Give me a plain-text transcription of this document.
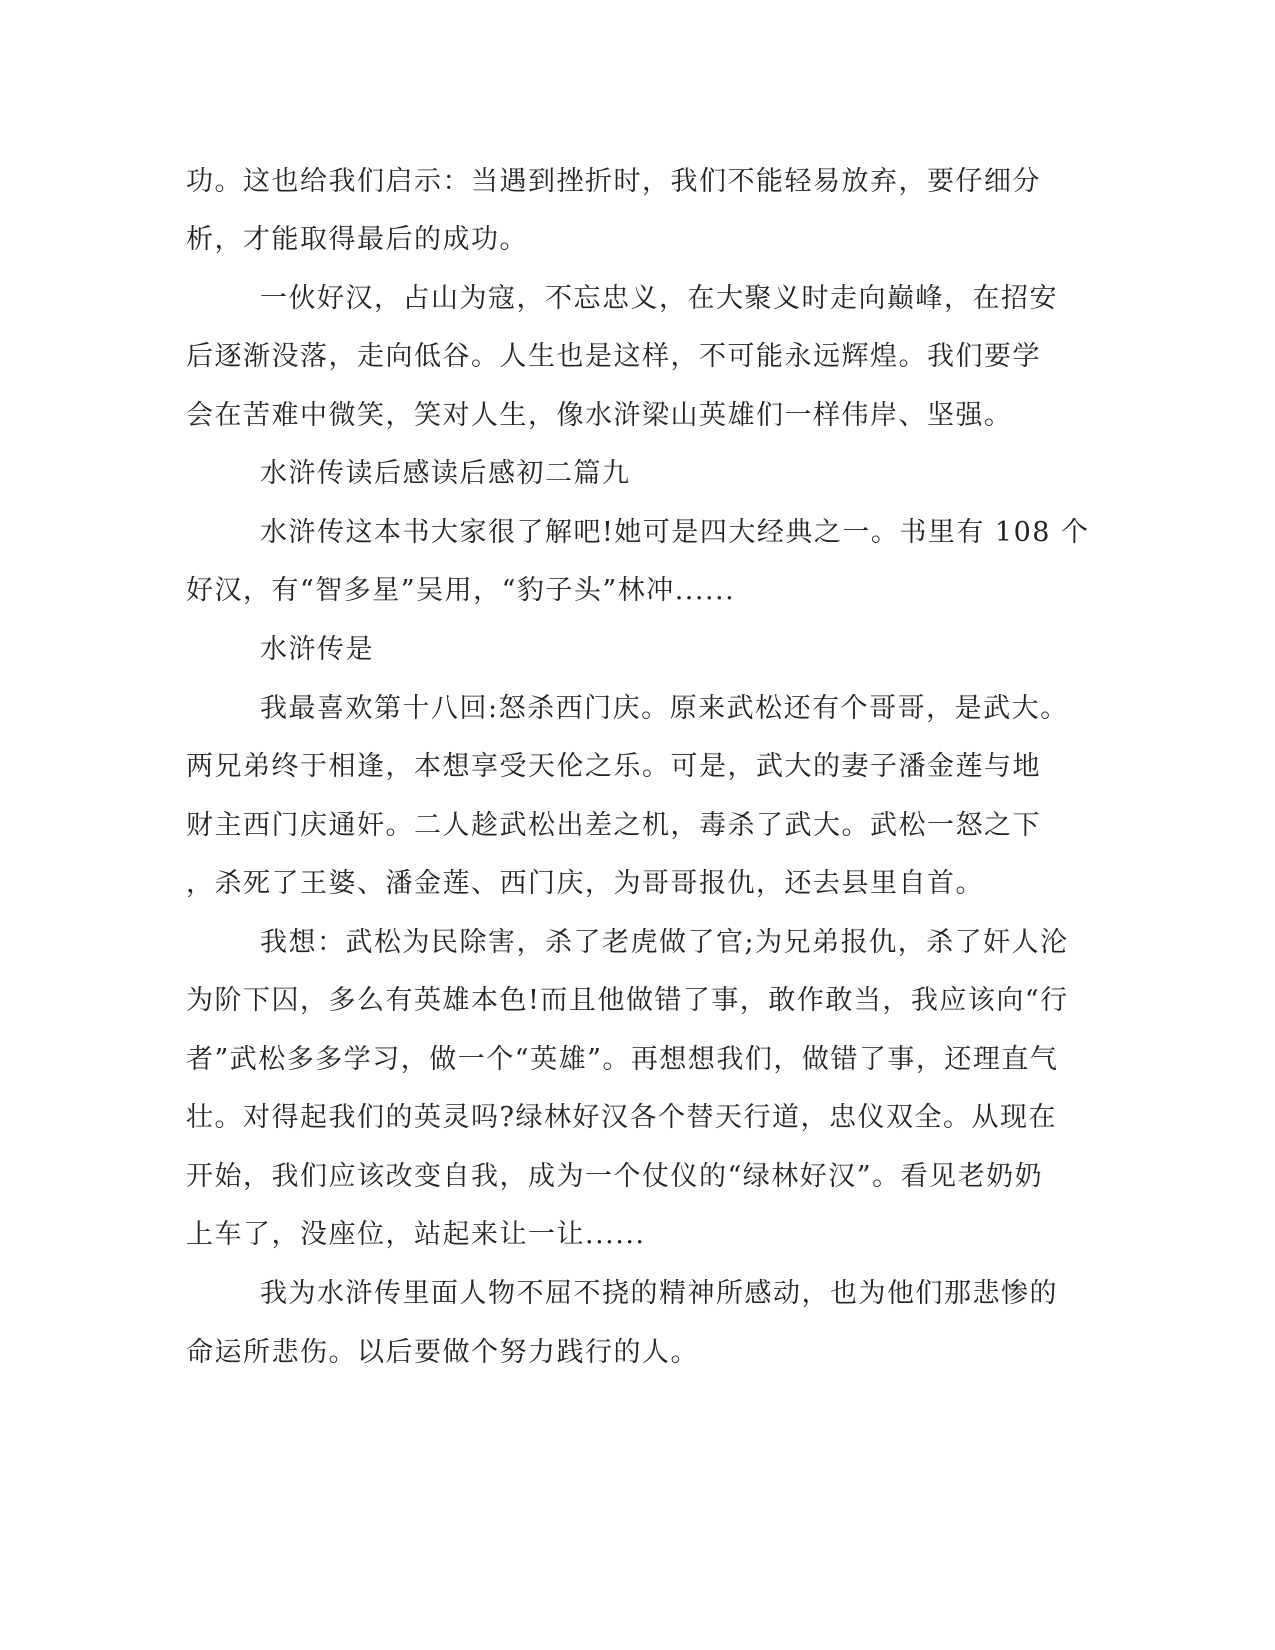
功。这也给我们启示：当遇到挫折时，我们不能轻易放弃，要仔细分
析，才能取得最后的成功。
一伙好汉，占山为寇，不忘忠义，在大聚义时走向巅峰，在招安
后逐渐没落，走向低谷。人生也是这样，不可能永远辉煌。我们要学
会在苦难中微笑，笑对人生，像水浒梁山英雄们一样伟岸、坚强。
水浒传读后感读后感初二篇九
水浒传这本书大家很了解吧!她可是四大经典之一。书里有 108 个
好汉，有“智多星”吴用，“豹子头”林冲......
水浒传是
我最喜欢第十八回:怒杀西门庆。原来武松还有个哥哥，是武大。
两兄弟终于相逢，本想享受天伦之乐。可是，武大的妻子潘金莲与地
财主西门庆通奸。二人趁武松出差之机，毒杀了武大。武松一怒之下
，杀死了王婆、潘金莲、西门庆，为哥哥报仇，还去县里自首。
我想：武松为民除害，杀了老虎做了官;为兄弟报仇，杀了奸人沦
为阶下囚，多么有英雄本色!而且他做错了事，敢作敢当，我应该向“行
者”武松多多学习，做一个“英雄”。再想想我们，做错了事，还理直气
壮。对得起我们的英灵吗?绿林好汉各个替天行道，忠仪双全。从现在
开始，我们应该改变自我，成为一个仗仪的“绿林好汉”。看见老奶奶
上车了，没座位，站起来让一让......
我为水浒传里面人物不屈不挠的精神所感动，也为他们那悲惨的
命运所悲伤。以后要做个努力践行的人。
